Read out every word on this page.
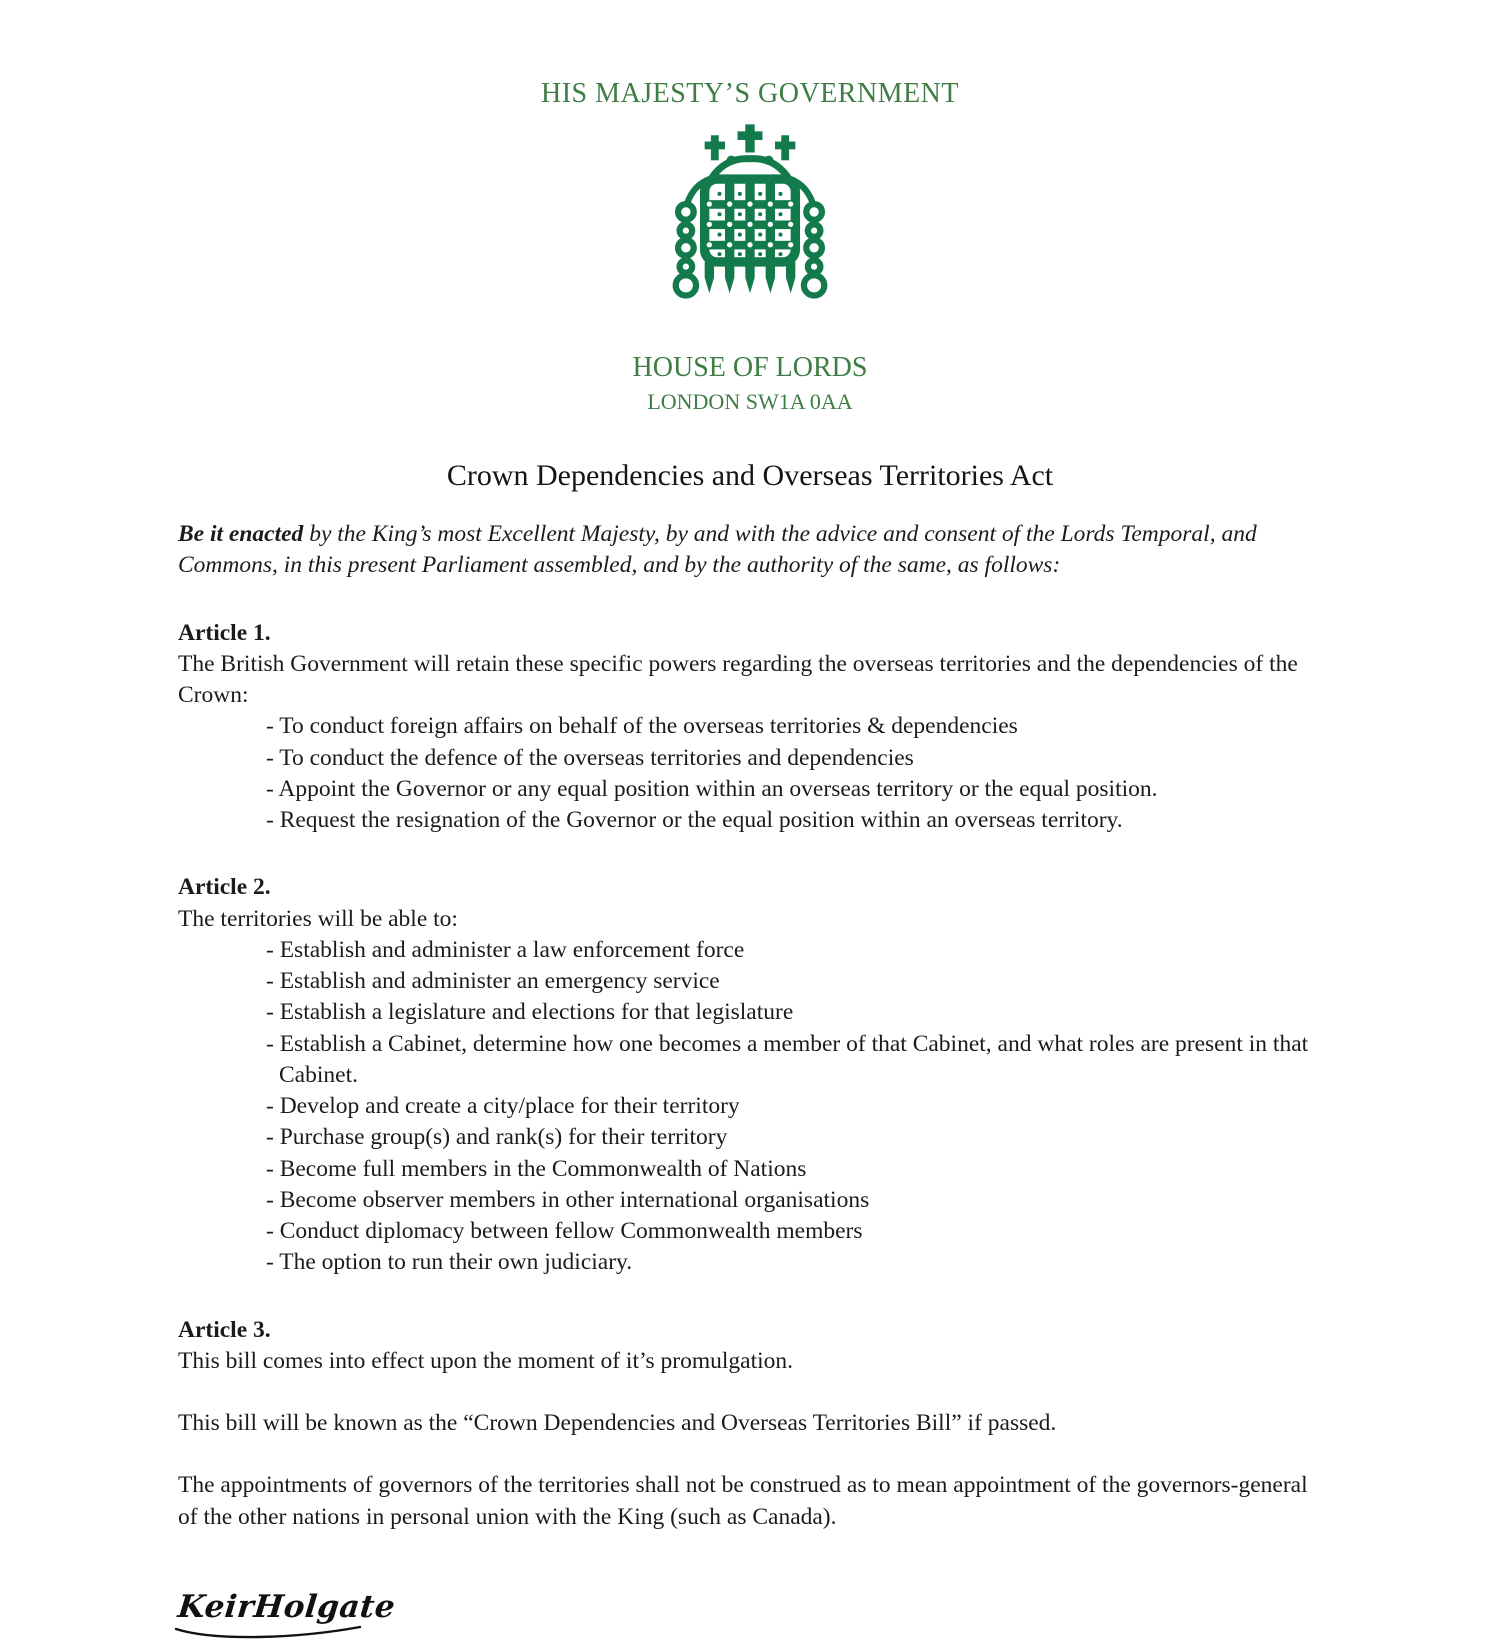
HIS MAJESTY’S GOVERNMENT
HOUSE OF LORDS
LONDON SW1A 0AA
Crown Dependencies and Overseas Territories Act

Be it enacted by the King’s most Excellent Majesty, by and with the advice and consent of the Lords Temporal, and Commons, in this present Parliament assembled, and by the authority of the same, as follows:

Article 1.

The British Government will retain these specific powers regarding the overseas territories and the dependencies of the Crown:

- To conduct foreign affairs on behalf of the overseas territories & dependencies

- To conduct the defence of the overseas territories and dependencies

- Appoint the Governor or any equal position within an overseas territory or the equal position.

- Request the resignation of the Governor or the equal position within an overseas territory.

Article 2.

The territories will be able to:

- Establish and administer a law enforcement force

- Establish and administer an emergency service

- Establish a legislature and elections for that legislature

- Establish a Cabinet, determine how one becomes a member of that Cabinet, and what roles are present in that Cabinet.

- Develop and create a city/place for their territory

- Purchase group(s) and rank(s) for their territory

- Become full members in the Commonwealth of Nations

- Become observer members in other international organisations

- Conduct diplomacy between fellow Commonwealth members

- The option to run their own judiciary.

Article 3.

This bill comes into effect upon the moment of it’s promulgation.

This bill will be known as the “Crown Dependencies and Overseas Territories Bill” if passed.

The appointments of governors of the territories shall not be construed as to mean appointment of the governors-general of the other nations in personal union with the King (such as Canada).

KeirHolgate
